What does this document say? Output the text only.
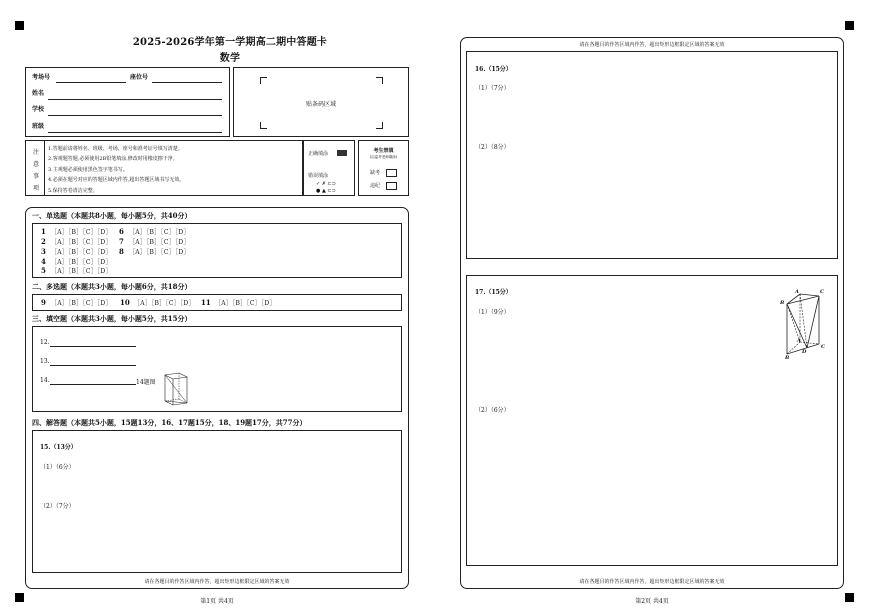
2025-2026学年第一学期高二期中答题卡
数学
考场号	座位号
姓名
学校
班级
贴条码区域
注
意
事
项
1.答题前请将姓名、班级、考场、座号和准考证号填写清楚。
2.客观题答题,必须使用2B铅笔填涂,修改时用橡皮擦干净。
3.主观题必须使用黑色签字笔书写。
4.必须在题号对应的答题区域内作答,超出答题区域书写无效。
5.保持答卷清洁完整。
正确填涂
错误填涂
✓ ✗ ⊂⊃
● ▲ ⊂⊃
考生禁填
(由监考老师填涂)
缺考
违纪
一、单选题（本题共8小题，每小题5分，共40分）
1 ［A］［B］［C］［D］
2 ［A］［B］［C］［D］
3 ［A］［B］［C］［D］
4 ［A］［B］［C］［D］
5 ［A］［B］［C］［D］
6 ［A］［B］［C］［D］
7 ［A］［B］［C］［D］
8 ［A］［B］［C］［D］
二、多选题（本题共3小题，每小题6分，共18分）
9 ［A］［B］［C］［D］ 10 ［A］［B］［C］［D］ 11 ［A］［B］［C］［D］
三、填空题（本题共3小题，每小题5分，共15分）
12.
13.
14.	14题图
四、解答题（本题共5小题，15题13分，16、17题15分，18、19题17分，共77分）
15.（13分）
（1）（6分）
（2）（7分）
请在各题目的作答区域内作答，超出矩形边框限定区域的答案无效
第1页 共4页
请在各题目的作答区域内作答，超出矩形边框限定区域的答案无效
16.（15分）
（1）（7分）
（2）（8分）
17.（15分）
（1）（9分）
（2）（6分）
A
B
C
D
A
B
C
请在各题目的作答区域内作答，超出矩形边框限定区域的答案无效
第2页 共4页
